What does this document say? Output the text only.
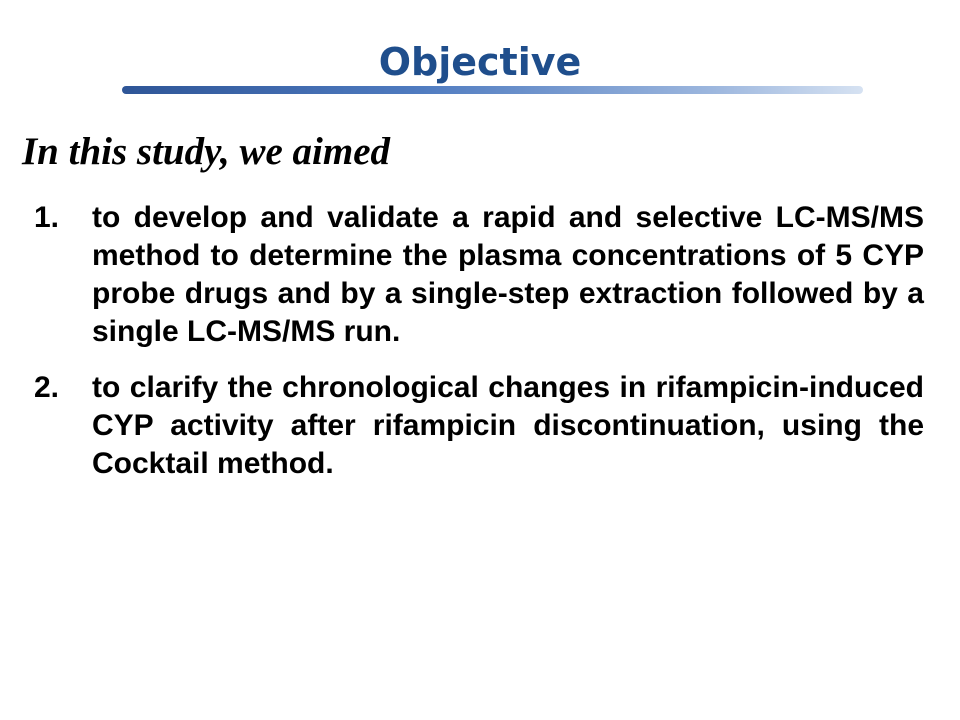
Objective

In this study, we aimed

1.	to develop and validate a rapid and selective LC-MS/MS method to determine the plasma concentrations of 5 CYP probe drugs and by a single-step extraction followed by a single LC-MS/MS run.
2.	to clarify the chronological changes in rifampicin-induced CYP activity after rifampicin discontinuation, using the Cocktail method.
